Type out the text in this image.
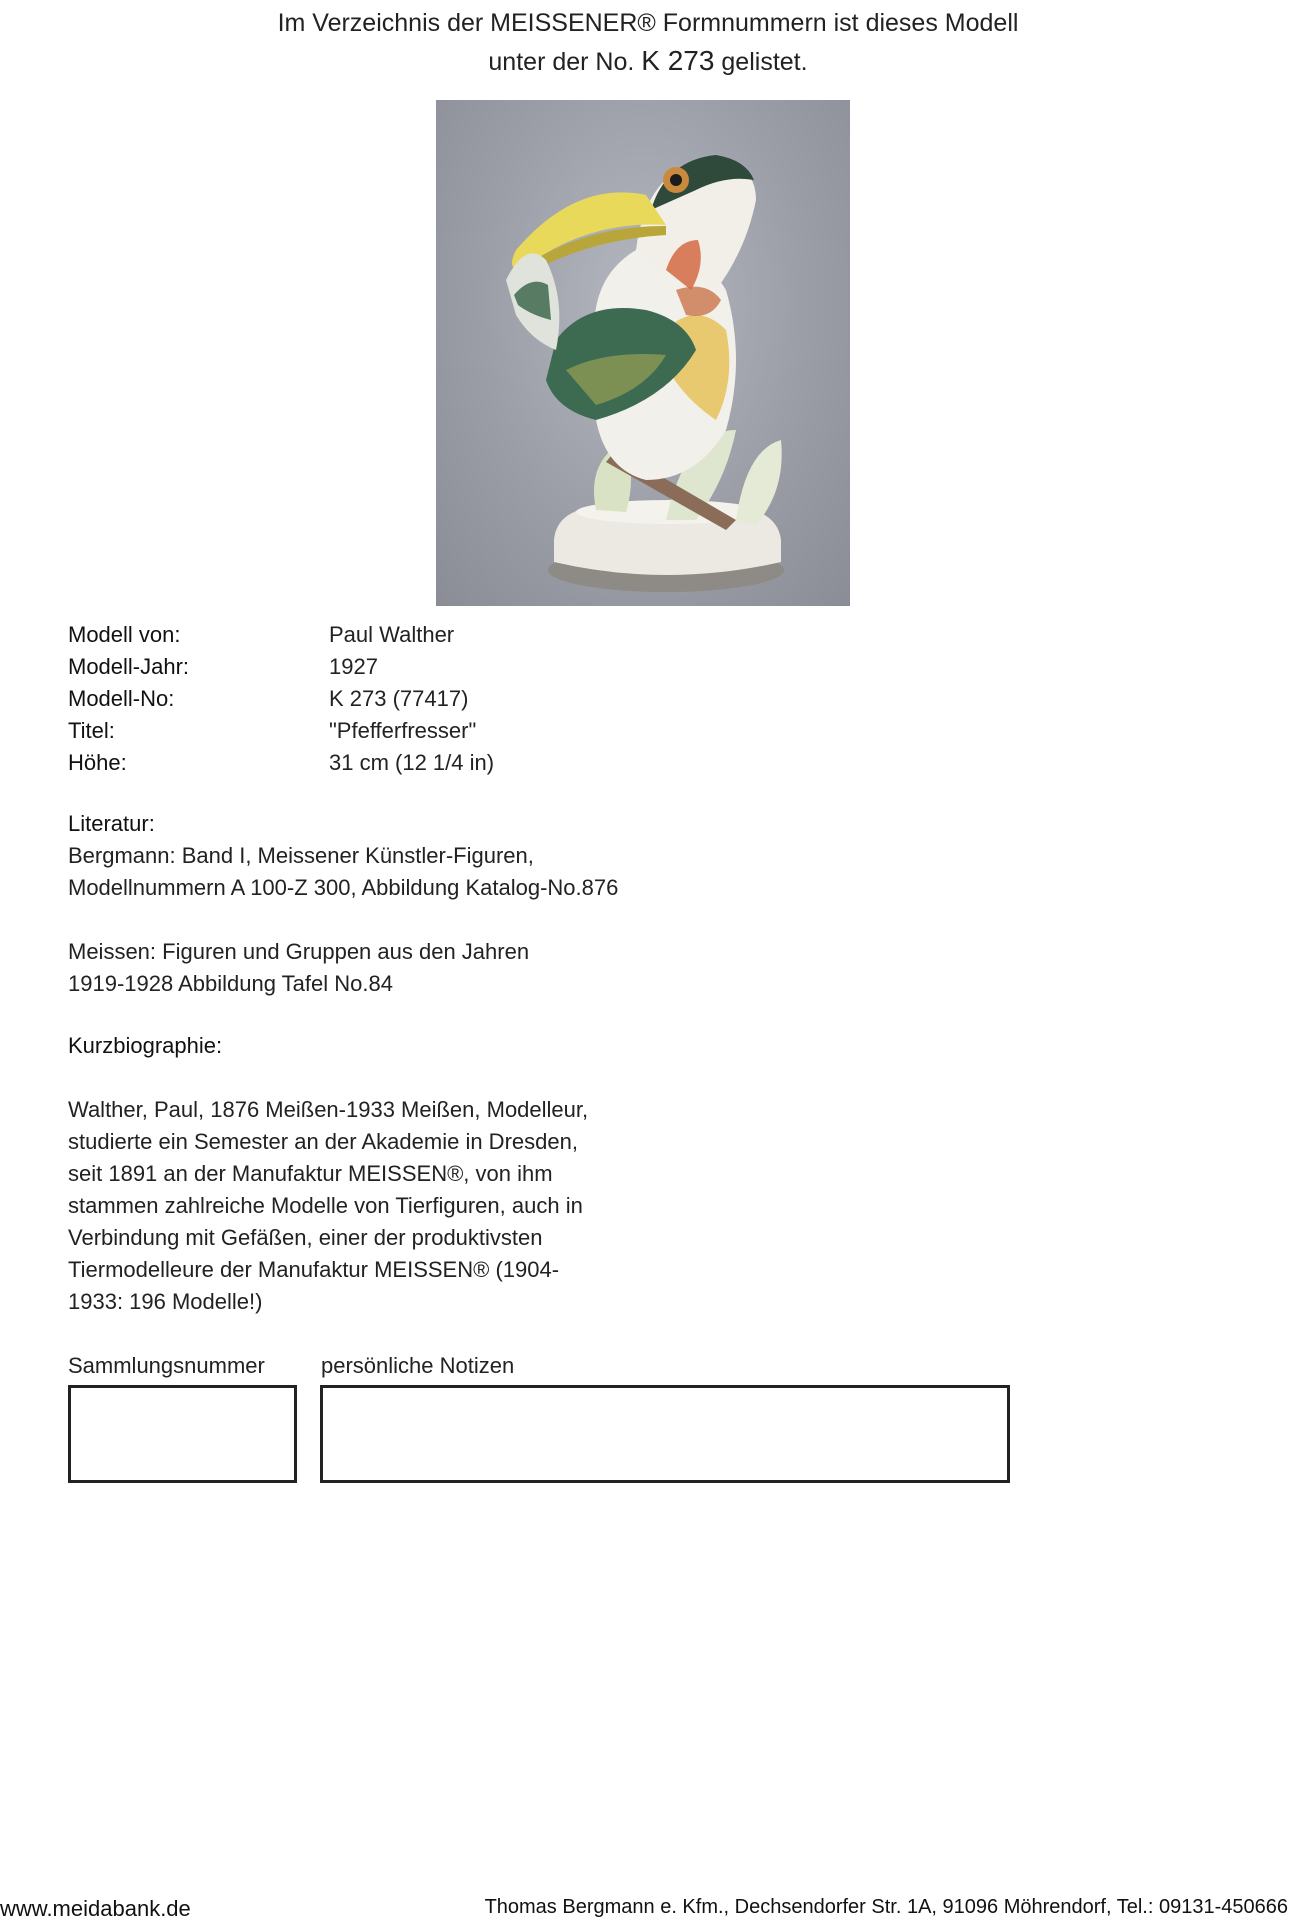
Im Verzeichnis der MEISSENER® Formnummern ist dieses Modell
unter der No. K 273 gelistet.
Modell von:	Paul Walther
Modell-Jahr:	1927
Modell-No:	K 273 (77417)
Titel:	"Pfefferfresser"
Höhe:	31 cm (12 1/4 in)
Literatur:
Bergmann: Band I, Meissener Künstler-Figuren,
Modellnummern A 100-Z 300, Abbildung Katalog-No.876
Meissen: Figuren und Gruppen aus den Jahren
1919-1928 Abbildung Tafel No.84
Kurzbiographie:
Walther, Paul, 1876 Meißen-1933 Meißen, Modelleur,
studierte ein Semester an der Akademie in Dresden,
seit 1891 an der Manufaktur MEISSEN®, von ihm
stammen zahlreiche Modelle von Tierfiguren, auch in
Verbindung mit Gefäßen, einer der produktivsten
Tiermodelleure der Manufaktur MEISSEN® (1904-
1933: 196 Modelle!)
Sammlungsnummer	persönliche Notizen
www.meidabank.de	Thomas Bergmann e. Kfm., Dechsendorfer Str. 1A, 91096 Möhrendorf, Tel.: 09131-450666
